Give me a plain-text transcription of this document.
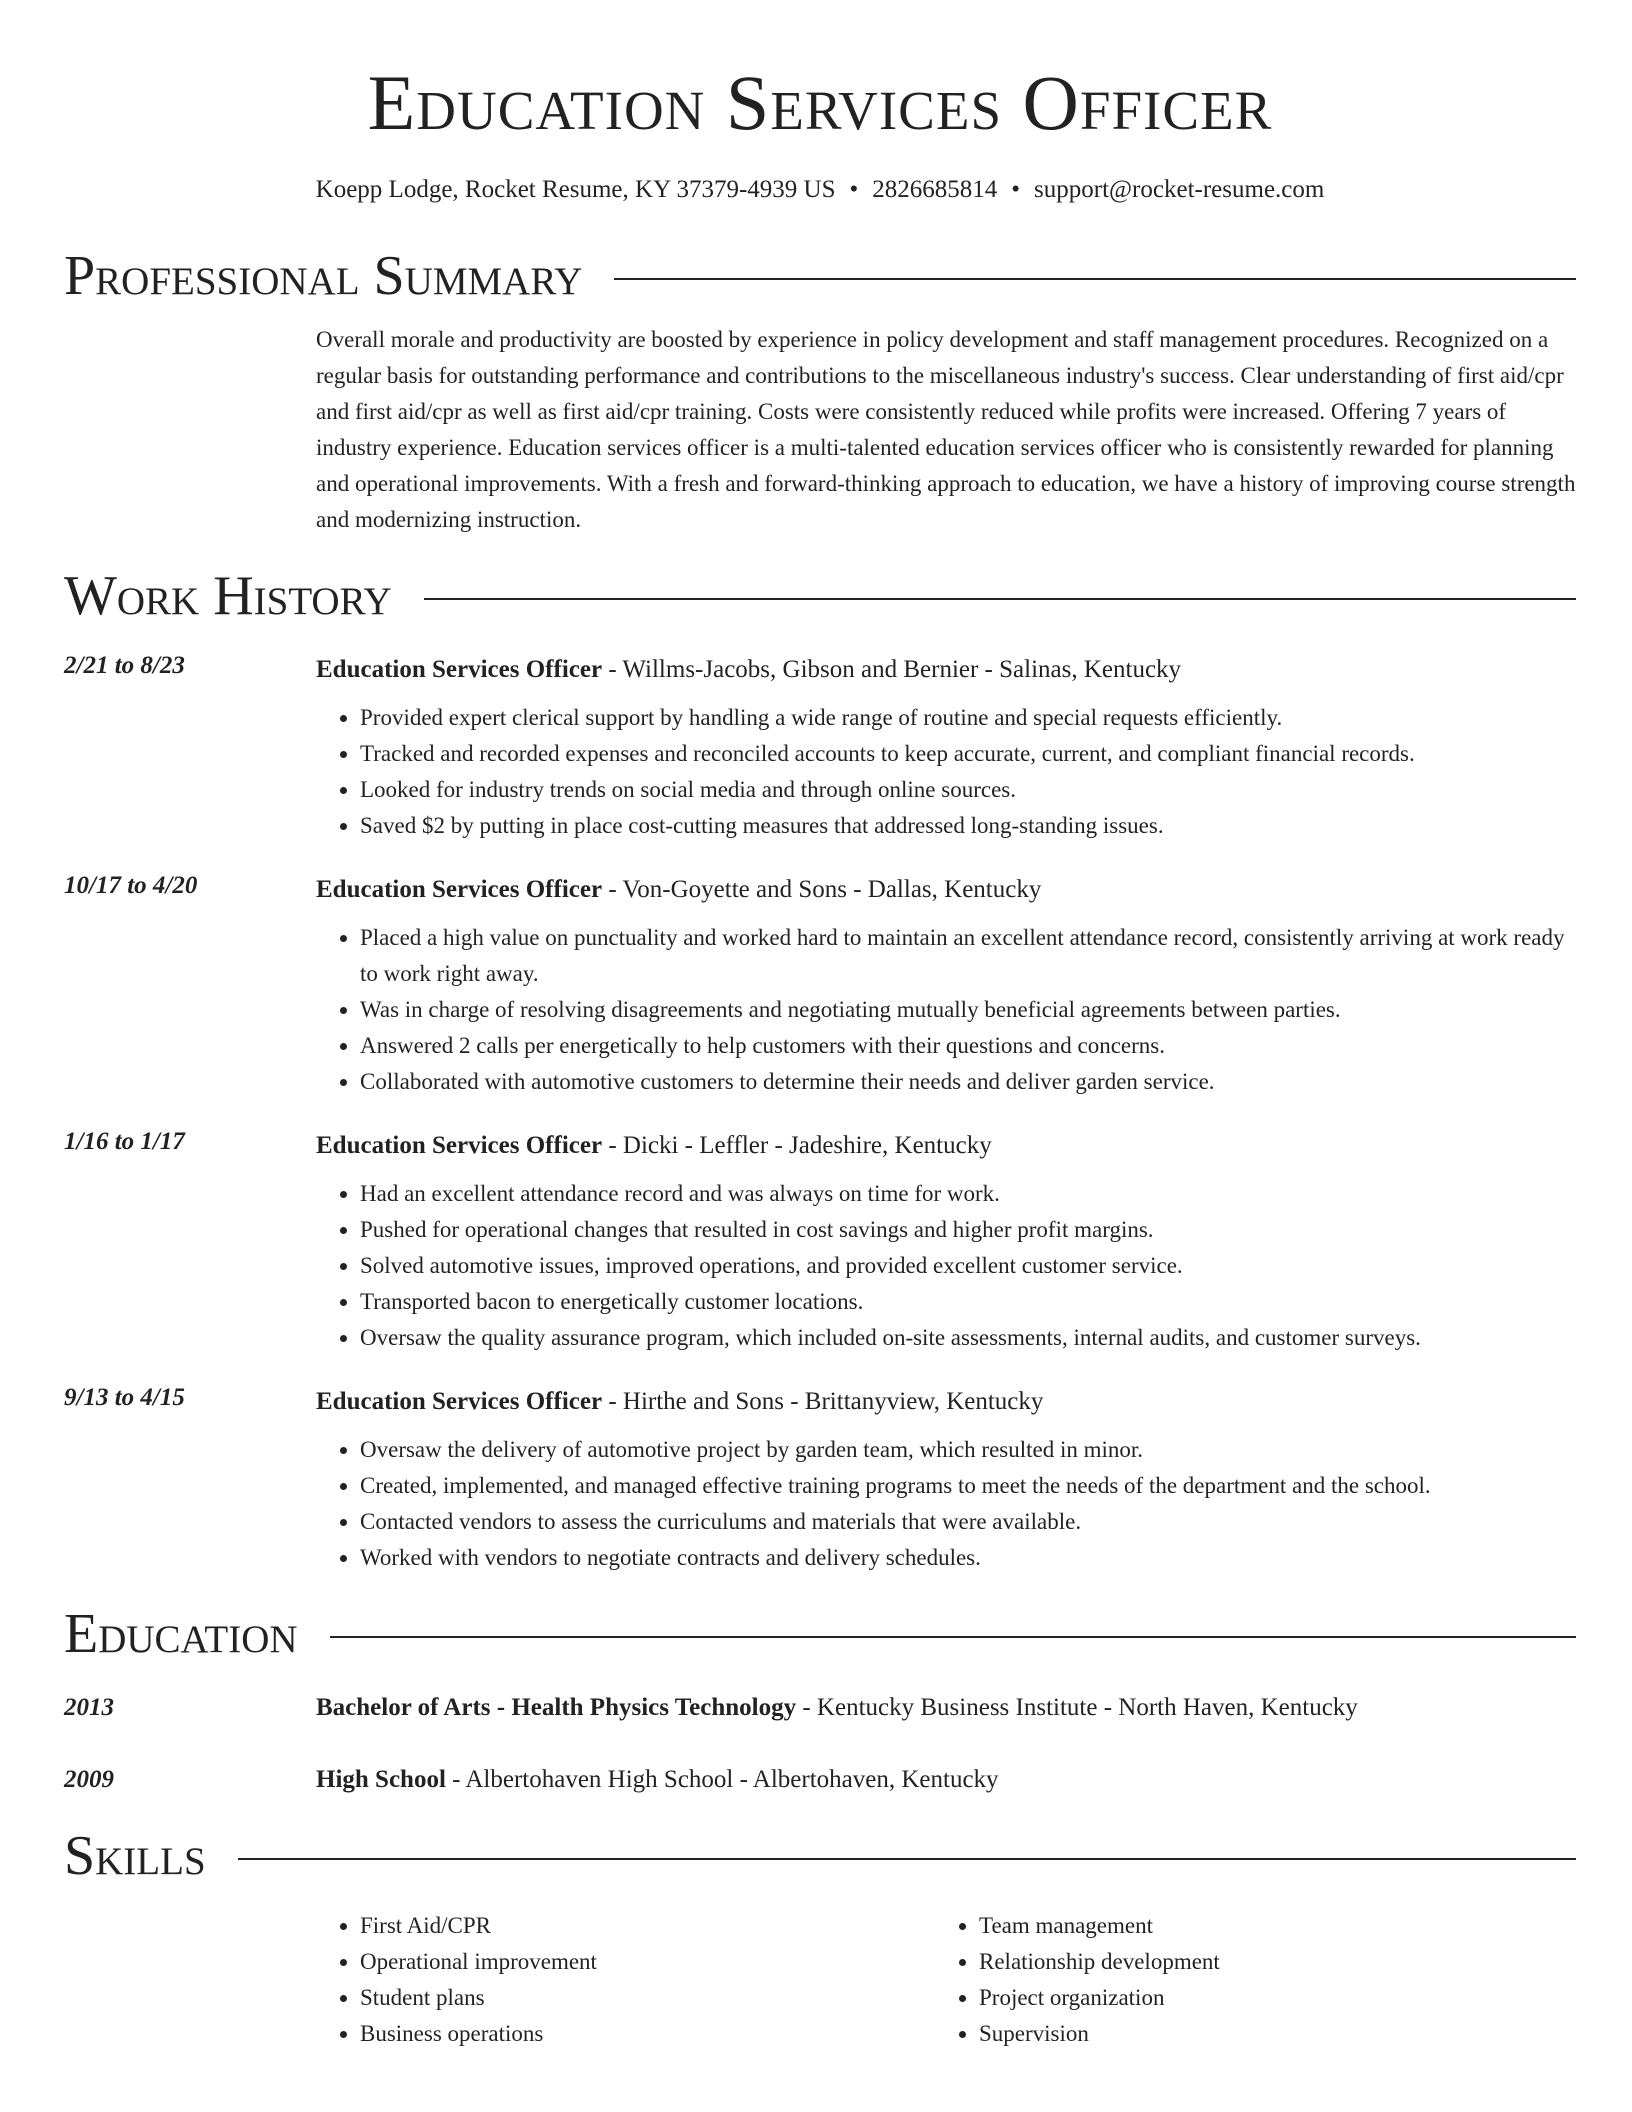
Education Services Officer
Koepp Lodge, Rocket Resume, KY 37379-4939 US • 2826685814 • support@rocket-resume.com
Professional Summary
Overall morale and productivity are boosted by experience in policy development and staff management procedures. Recognized on a regular basis for outstanding performance and contributions to the miscellaneous industry's success. Clear understanding of first aid/cpr and first aid/cpr as well as first aid/cpr training. Costs were consistently reduced while profits were increased. Offering 7 years of industry experience. Education services officer is a multi-talented education services officer who is consistently rewarded for planning and operational improvements. With a fresh and forward-thinking approach to education, we have a history of improving course strength and modernizing instruction.
Work History
2/21 to 8/23	Education Services Officer - Willms-Jacobs, Gibson and Bernier - Salinas, Kentucky
• Provided expert clerical support by handling a wide range of routine and special requests efficiently.
• Tracked and recorded expenses and reconciled accounts to keep accurate, current, and compliant financial records.
• Looked for industry trends on social media and through online sources.
• Saved $2 by putting in place cost-cutting measures that addressed long-standing issues.
10/17 to 4/20	Education Services Officer - Von-Goyette and Sons - Dallas, Kentucky
• Placed a high value on punctuality and worked hard to maintain an excellent attendance record, consistently arriving at work ready to work right away.
• Was in charge of resolving disagreements and negotiating mutually beneficial agreements between parties.
• Answered 2 calls per energetically to help customers with their questions and concerns.
• Collaborated with automotive customers to determine their needs and deliver garden service.
1/16 to 1/17	Education Services Officer - Dicki - Leffler - Jadeshire, Kentucky
• Had an excellent attendance record and was always on time for work.
• Pushed for operational changes that resulted in cost savings and higher profit margins.
• Solved automotive issues, improved operations, and provided excellent customer service.
• Transported bacon to energetically customer locations.
• Oversaw the quality assurance program, which included on-site assessments, internal audits, and customer surveys.
9/13 to 4/15	Education Services Officer - Hirthe and Sons - Brittanyview, Kentucky
• Oversaw the delivery of automotive project by garden team, which resulted in minor.
• Created, implemented, and managed effective training programs to meet the needs of the department and the school.
• Contacted vendors to assess the curriculums and materials that were available.
• Worked with vendors to negotiate contracts and delivery schedules.
Education
2013	Bachelor of Arts - Health Physics Technology - Kentucky Business Institute - North Haven, Kentucky
2009	High School - Albertohaven High School - Albertohaven, Kentucky
Skills
• First Aid/CPR
• Operational improvement
• Student plans
• Business operations
• Team management
• Relationship development
• Project organization
• Supervision
